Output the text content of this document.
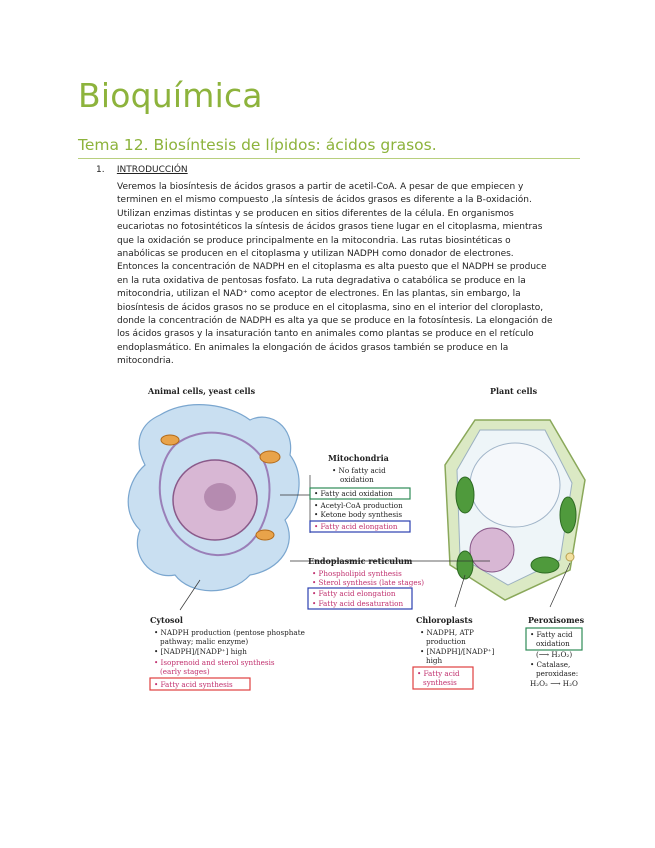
Bioquímica
Tema 12. Biosíntesis de lípidos: ácidos grasos.
1. INTRODUCCIÓN
Veremos la biosíntesis de ácidos grasos a partir de acetil-CoA. A pesar de que empiecen y
terminen en el mismo compuesto ,la síntesis de ácidos grasos es diferente a la B-oxidación.
Utilizan enzimas distintas y se producen en sitios diferentes de la célula. En organismos
eucariotas no fotosintéticos la síntesis de ácidos grasos tiene lugar en el citoplasma, mientras
que la oxidación se produce principalmente en la mitocondria. Las rutas biosintéticas o
anabólicas se producen en el citoplasma y utilizan NADPH como donador de electrones.
Entonces la concentración de NADPH en el citoplasma es alta puesto que el NADPH se produce
en la ruta oxidativa de pentosas fosfato. La ruta degradativa o catabólica se produce en la
mitocondria, utilizan el NAD⁺ como aceptor de electrones. En las plantas, sin embargo, la
biosíntesis de ácidos grasos no se produce en el citoplasma, sino en el interior del cloroplasto,
donde la concentración de NADPH es alta ya que se produce en la fotosíntesis. La elongación de
los ácidos grasos y la insaturación tanto en animales como plantas se produce en el retículo
endoplasmático. En animales la elongación de ácidos grasos también se produce en la
mitocondria.
Animal cells, yeast cells	Plant cells
Mitochondria
• No fatty acid
oxidation
• Fatty acid oxidation
• Acetyl-CoA production
• Ketone body synthesis
• Fatty acid elongation
Endoplasmic reticulum
• Phospholipid synthesis
• Sterol synthesis (late stages)
• Fatty acid elongation
• Fatty acid desaturation
Cytosol
• NADPH production (pentose phosphate
pathway; malic enzyme)
• [NADPH]/[NADP⁺] high
• Isoprenoid and sterol synthesis
(early stages)
• Fatty acid synthesis
Chloroplasts
• NADPH, ATP
production
• [NADPH]/[NADP⁺]
high
• Fatty acid
synthesis
Peroxisomes
• Fatty acid
oxidation
(⟶ H₂O₂)
• Catalase,
peroxidase:
H₂O₂ ⟶ H₂O
